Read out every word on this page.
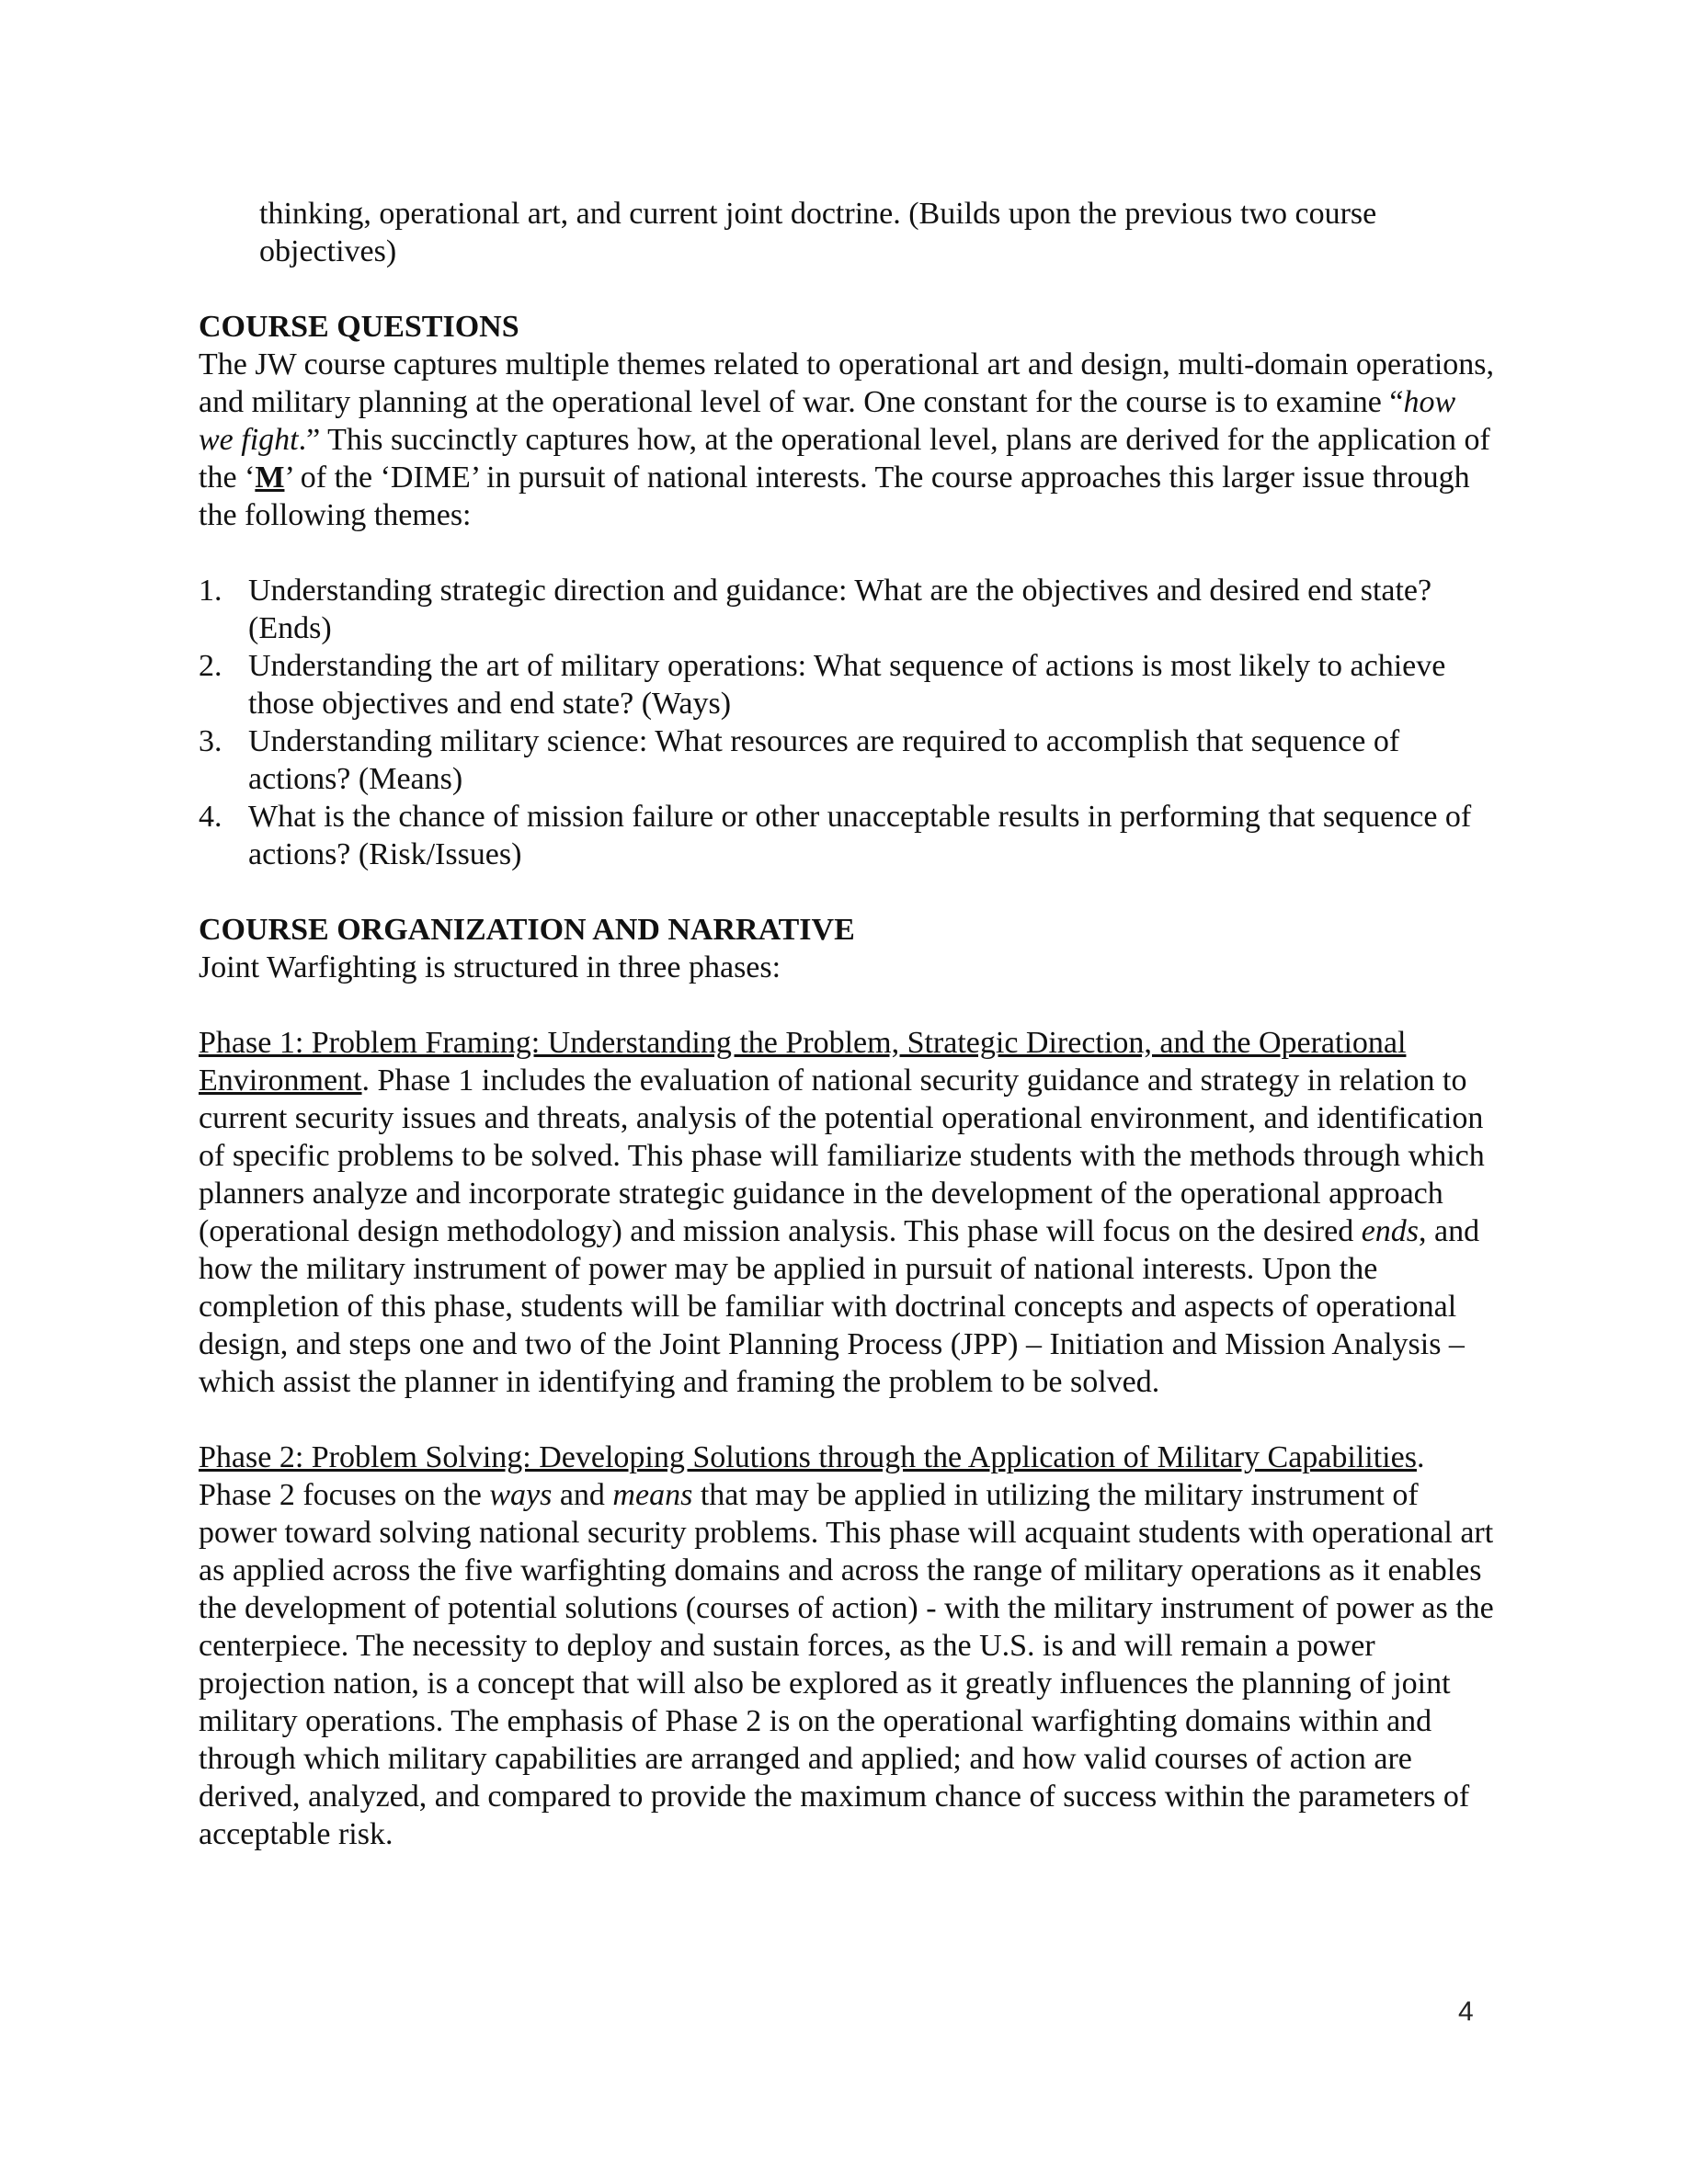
thinking, operational art, and current joint doctrine. (Builds upon the previous two course objectives)

COURSE QUESTIONS

The JW course captures multiple themes related to operational art and design, multi-domain operations, and military planning at the operational level of war. One constant for the course is to examine “how we fight.” This succinctly captures how, at the operational level, plans are derived for the application of the ‘M’ of the ‘DIME’ in pursuit of national interests. The course approaches this larger issue through the following themes:

1. Understanding strategic direction and guidance: What are the objectives and desired end state? (Ends)
2. Understanding the art of military operations: What sequence of actions is most likely to achieve those objectives and end state? (Ways)
3. Understanding military science: What resources are required to accomplish that sequence of actions? (Means)
4. What is the chance of mission failure or other unacceptable results in performing that sequence of actions? (Risk/Issues)

COURSE ORGANIZATION AND NARRATIVE

Joint Warfighting is structured in three phases:

Phase 1: Problem Framing: Understanding the Problem, Strategic Direction, and the Operational Environment. Phase 1 includes the evaluation of national security guidance and strategy in relation to current security issues and threats, analysis of the potential operational environment, and identification of specific problems to be solved. This phase will familiarize students with the methods through which planners analyze and incorporate strategic guidance in the development of the operational approach (operational design methodology) and mission analysis. This phase will focus on the desired ends, and how the military instrument of power may be applied in pursuit of national interests. Upon the completion of this phase, students will be familiar with doctrinal concepts and aspects of operational design, and steps one and two of the Joint Planning Process (JPP) – Initiation and Mission Analysis – which assist the planner in identifying and framing the problem to be solved.

Phase 2: Problem Solving: Developing Solutions through the Application of Military Capabilities. Phase 2 focuses on the ways and means that may be applied in utilizing the military instrument of power toward solving national security problems. This phase will acquaint students with operational art as applied across the five warfighting domains and across the range of military operations as it enables the development of potential solutions (courses of action) - with the military instrument of power as the centerpiece. The necessity to deploy and sustain forces, as the U.S. is and will remain a power projection nation, is a concept that will also be explored as it greatly influences the planning of joint military operations. The emphasis of Phase 2 is on the operational warfighting domains within and through which military capabilities are arranged and applied; and how valid courses of action are derived, analyzed, and compared to provide the maximum chance of success within the parameters of acceptable risk.

4
